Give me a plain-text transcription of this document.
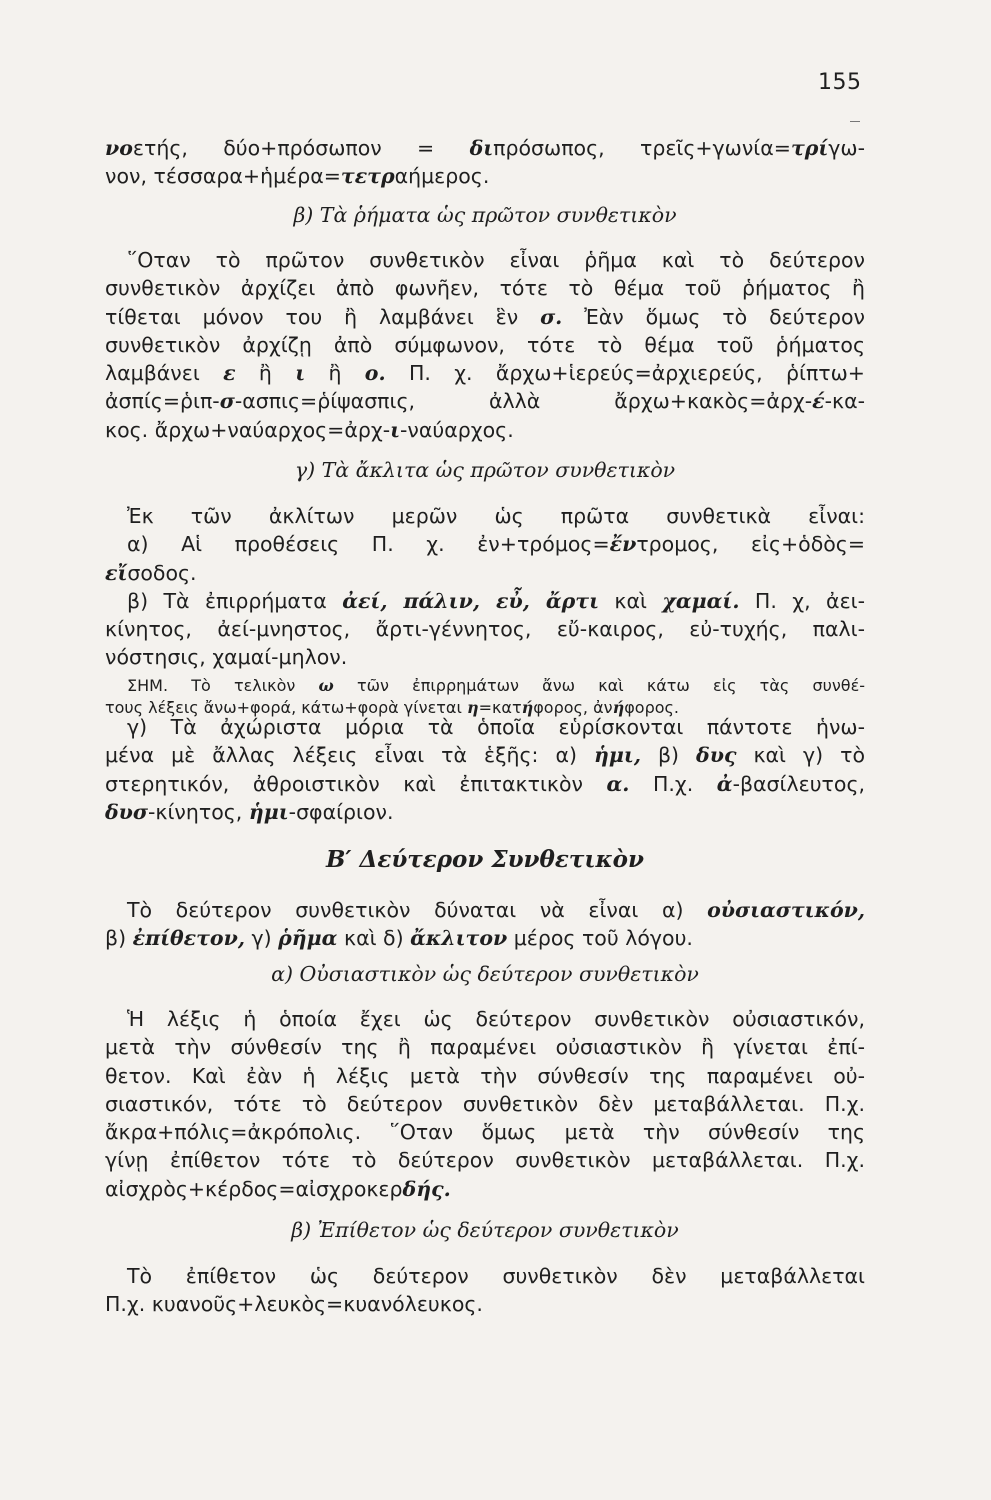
155
νοετής, δύο+πρόσωπον = διπρόσωπος, τρεῖς+γωνία=τρίγω-
νον, τέσσαρα+ἡμέρα=τετραήμερος.
β) Τὰ ῥήματα ὡς πρῶτον συνθετικὸν
῞Οταν τὸ πρῶτον συνθετικὸν εἶναι ῥῆμα καὶ τὸ δεύτερον
συνθετικὸν ἀρχίζει ἀπὸ φωνῆεν, τότε τὸ θέμα τοῦ ῥήματος ἢ
τίθεται μόνον του ἢ λαμβάνει ἓν σ. Ἐὰν ὅμως τὸ δεύτερον
συνθετικὸν ἀρχίζῃ ἀπὸ σύμφωνον, τότε τὸ θέμα τοῦ ῥήματος
λαμβάνει ε ἢ ι ἢ ο. Π. χ. ἄρχω+ἱερεύς=ἀρχιερεύς, ῥίπτω+
ἀσπίς=ῥιπ-σ-ασπις=ῥίψασπις, ἀλλὰ ἄρχω+κακὸς=ἀρχ-έ-κα-
κος. ἄρχω+ναύαρχος=ἀρχ-ι-ναύαρχος.
γ) Τὰ ἄκλιτα ὡς πρῶτον συνθετικὸν
Ἐκ τῶν ἀκλίτων μερῶν ὡς πρῶτα συνθετικὰ εἶναι:
α) Αἱ προθέσεις Π. χ. ἐν+τρόμος=ἔντρομος, εἰς+ὁδὸς=
εἴσοδος.
β) Τὰ ἐπιρρήματα ἀεί, πάλιν, εὖ, ἄρτι καὶ χαμαί. Π. χ, ἀει-
κίνητος, ἀεί-μνηστος, ἄρτι-γέννητος, εὔ-καιρος, εὐ-τυχής, παλι-
νόστησις, χαμαί-μηλον.
ΣΗΜ. Τὸ τελικὸν ω τῶν ἐπιρρημάτων ἄνω καὶ κάτω εἰς τὰς συνθέ-
τους λέξεις ἄνω+φορά, κάτω+φορὰ γίνεται η=κατήφορος, ἀνήφορος.
γ) Τὰ ἀχώριστα μόρια τὰ ὁποῖα εὑρίσκονται πάντοτε ἡνω-
μένα μὲ ἄλλας λέξεις εἶναι τὰ ἑξῆς: α) ἡμι, β) δυς καὶ γ) τὸ
στερητικόν, ἀθροιστικὸν καὶ ἐπιτακτικὸν α. Π.χ. ἀ-βασίλευτος,
δυσ-κίνητος, ἡμι-σφαίριον.
Β′ Δεύτερον Συνθετικὸν
Τὸ δεύτερον συνθετικὸν δύναται νὰ εἶναι α) οὐσιαστικόν,
β) ἐπίθετον, γ) ῥῆμα καὶ δ) ἄκλιτον μέρος τοῦ λόγου.
α) Οὐσιαστικὸν ὡς δεύτερον συνθετικὸν
Ἡ λέξις ἡ ὁποία ἔχει ὡς δεύτερον συνθετικὸν οὐσιαστικόν,
μετὰ τὴν σύνθεσίν της ἢ παραμένει οὐσιαστικὸν ἢ γίνεται ἐπί-
θετον. Καὶ ἐὰν ἡ λέξις μετὰ τὴν σύνθεσίν της παραμένει οὐ-
σιαστικόν, τότε τὸ δεύτερον συνθετικὸν δὲν μεταβάλλεται. Π.χ.
ἄκρα+πόλις=ἀκρόπολις. ῞Οταν ὅμως μετὰ τὴν σύνθεσίν της
γίνῃ ἐπίθετον τότε τὸ δεύτερον συνθετικὸν μεταβάλλεται. Π.χ.
αἰσχρὸς+κέρδος=αἰσχροκερδής.
β) Ἐπίθετον ὡς δεύτερον συνθετικὸν
Τὸ ἐπίθετον ὡς δεύτερον συνθετικὸν δὲν μεταβάλλεται
Π.χ. κυανοῦς+λευκὸς=κυανόλευκος.
